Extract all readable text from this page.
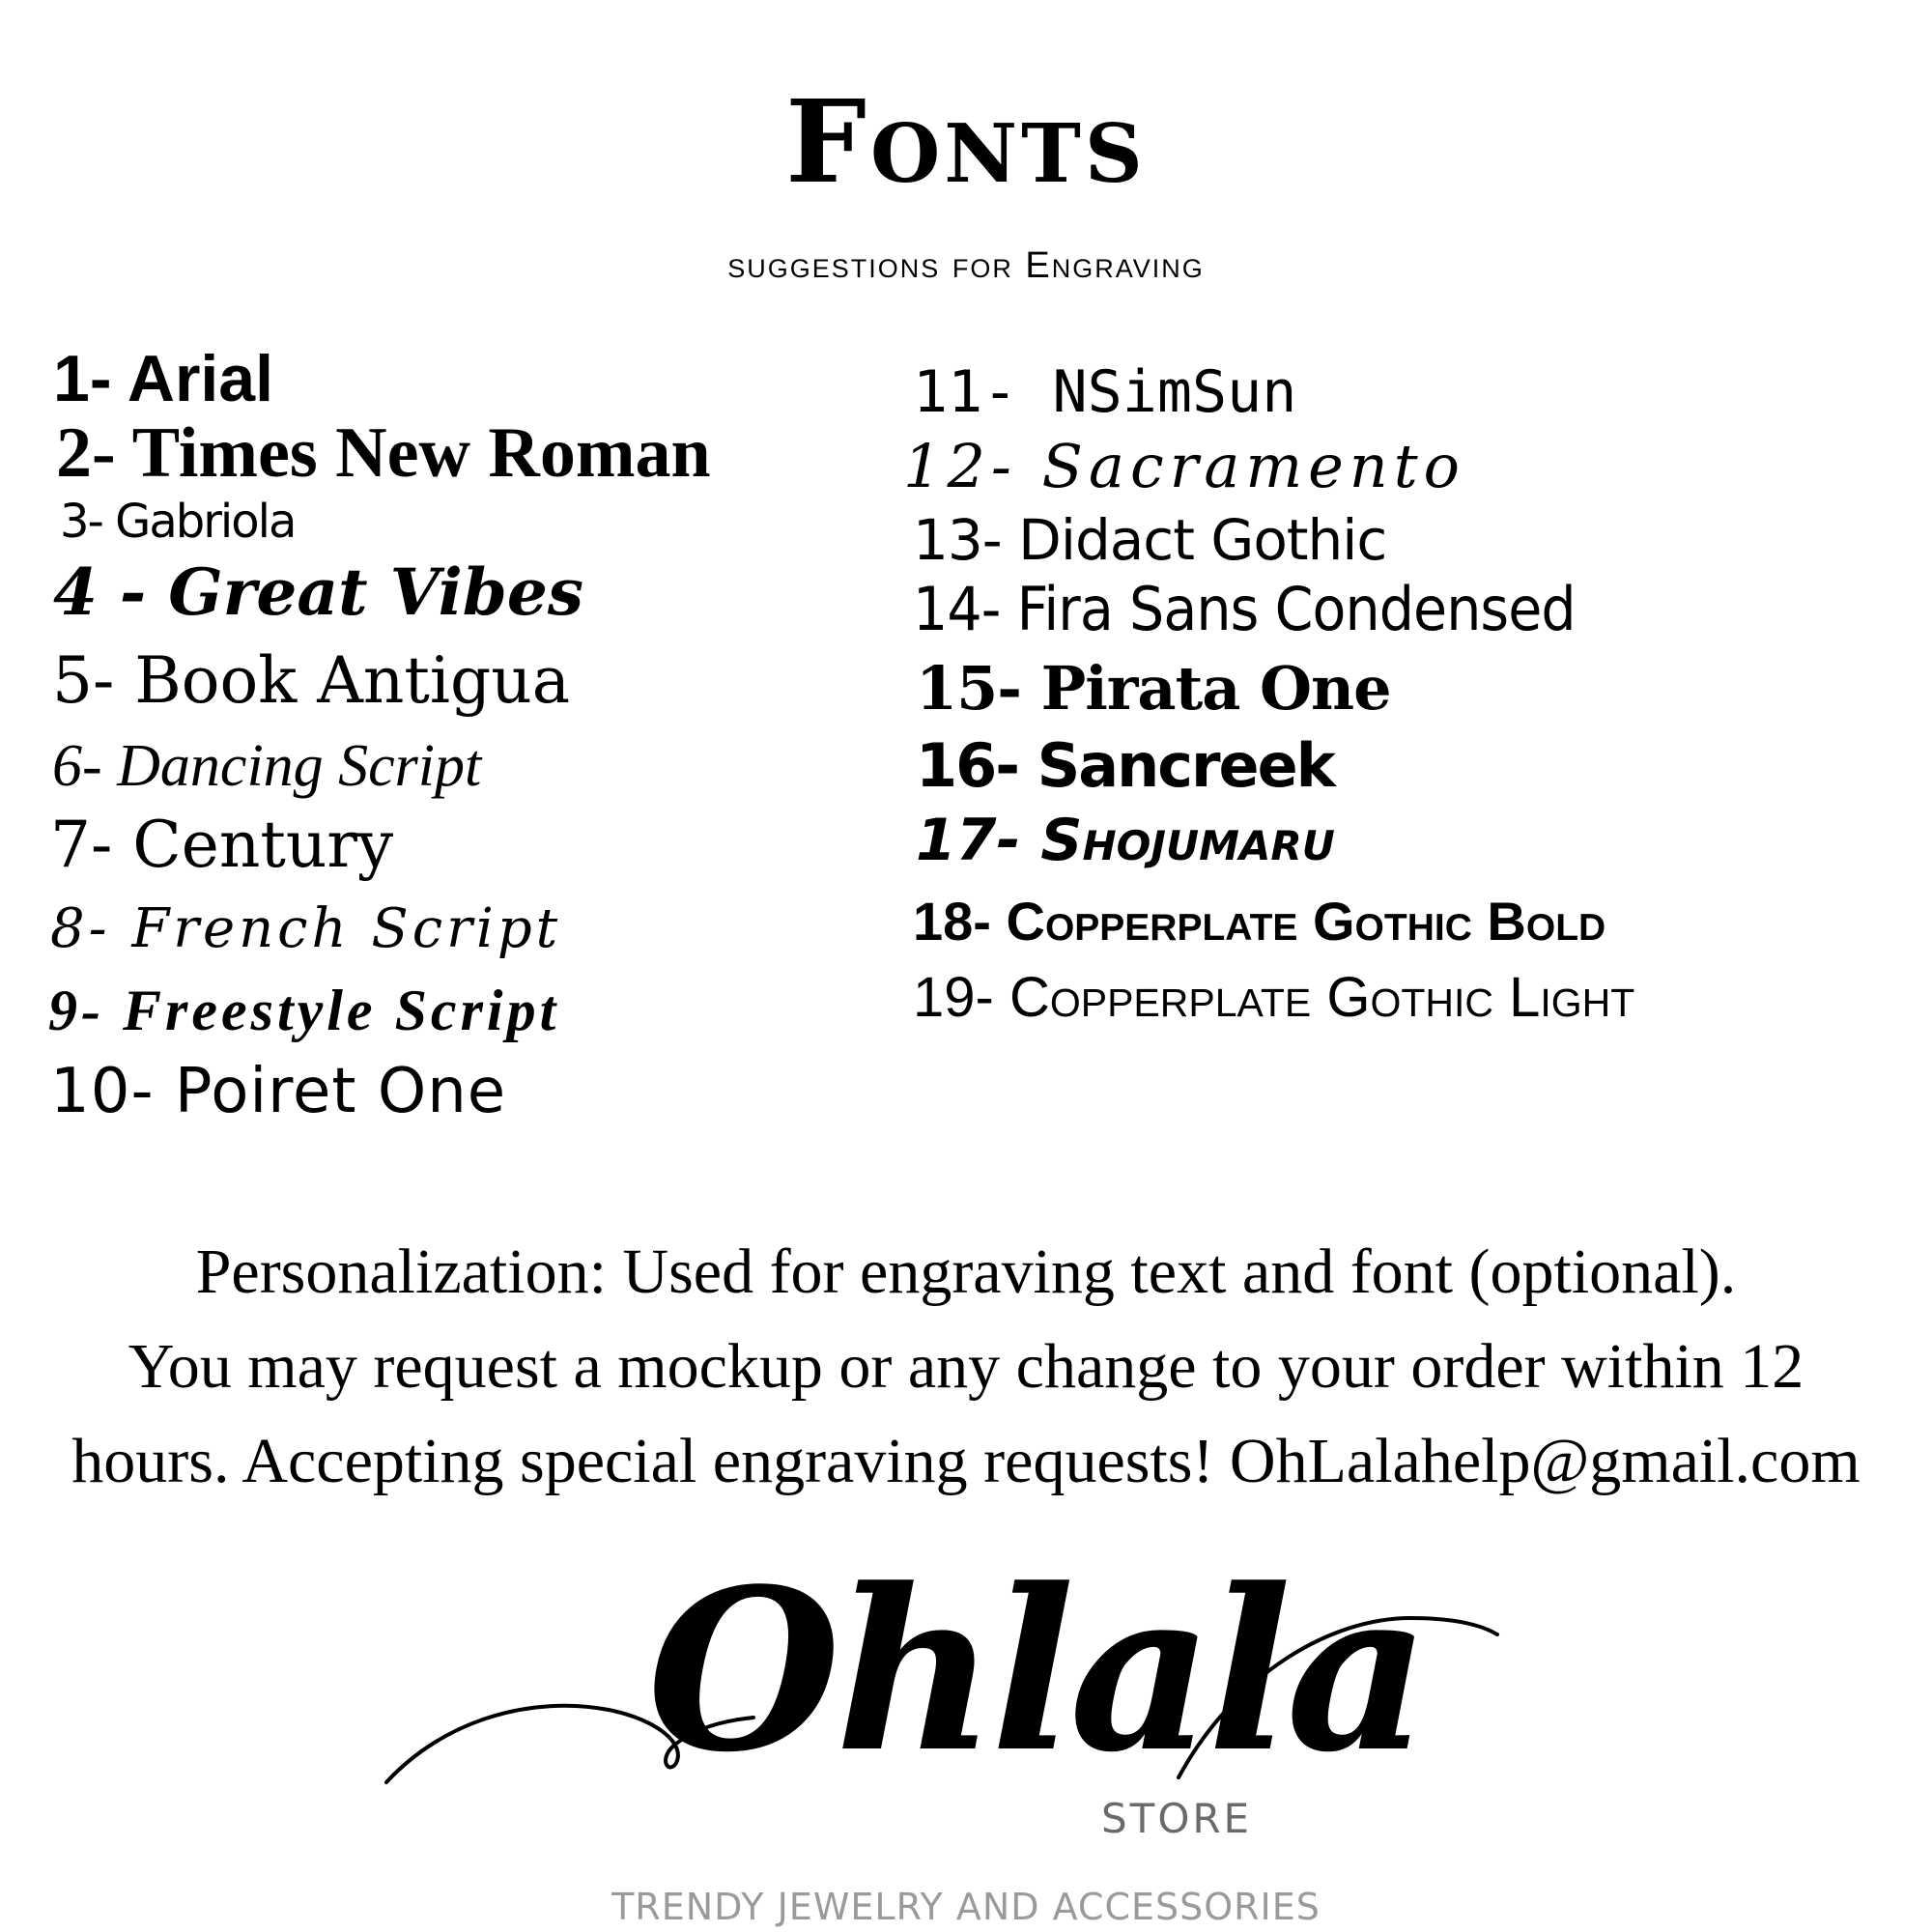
Fonts
suggestions for Engraving
1- Arial
2- Times New Roman
3- Gabriola
4 - Great Vibes
5- Book Antigua
6- Dancing Script
7- Century
8- French Script
9- Freestyle Script
10- Poiret One
11- NSimSun
12- Sacramento
13- Didact Gothic
14- Fira Sans Condensed
15- Pirata One
16- Sancreek
17- Shojumaru
18- Copperplate Gothic Bold
19- Copperplate Gothic Light
Personalization: Used for engraving text and font (optional).
You may request a mockup or any change to your order within 12
hours. Accepting special engraving requests! OhLalahelp@gmail.com
Ohlala
STORE
TRENDY JEWELRY AND ACCESSORIES
